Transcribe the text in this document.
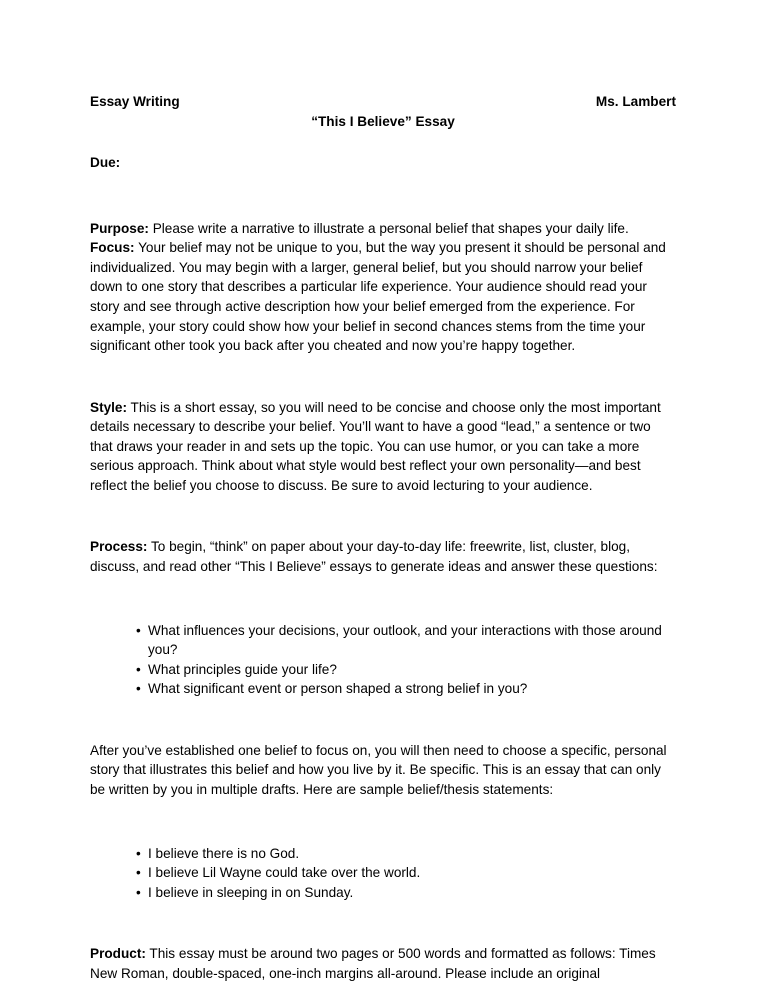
Essay Writing	Ms. Lambert
“This I Believe” Essay
Due:

Purpose: Please write a narrative to illustrate a personal belief that shapes your daily life. Focus: Your belief may not be unique to you, but the way you present it should be personal and individualized. You may begin with a larger, general belief, but you should narrow your belief down to one story that describes a particular life experience. Your audience should read your story and see through active description how your belief emerged from the experience. For example, your story could show how your belief in second chances stems from the time your significant other took you back after you cheated and now you’re happy together.

Style: This is a short essay, so you will need to be concise and choose only the most important details necessary to describe your belief. You’ll want to have a good “lead,” a sentence or two that draws your reader in and sets up the topic. You can use humor, or you can take a more serious approach. Think about what style would best reflect your own personality—and best reflect the belief you choose to discuss. Be sure to avoid lecturing to your audience.

Process: To begin, “think” on paper about your day-to-day life: freewrite, list, cluster, blog, discuss, and read other “This I Believe” essays to generate ideas and answer these questions:

• What influences your decisions, your outlook, and your interactions with those around you?
• What principles guide your life?
• What significant event or person shaped a strong belief in you?

After you’ve established one belief to focus on, you will then need to choose a specific, personal story that illustrates this belief and how you live by it. Be specific. This is an essay that can only be written by you in multiple drafts. Here are sample belief/thesis statements:

• I believe there is no God.
• I believe Lil Wayne could take over the world.
• I believe in sleeping in on Sunday.

Product: This essay must be around two pages or 500 words and formatted as follows: Times New Roman, double-spaced, one-inch margins all-around. Please include an original
